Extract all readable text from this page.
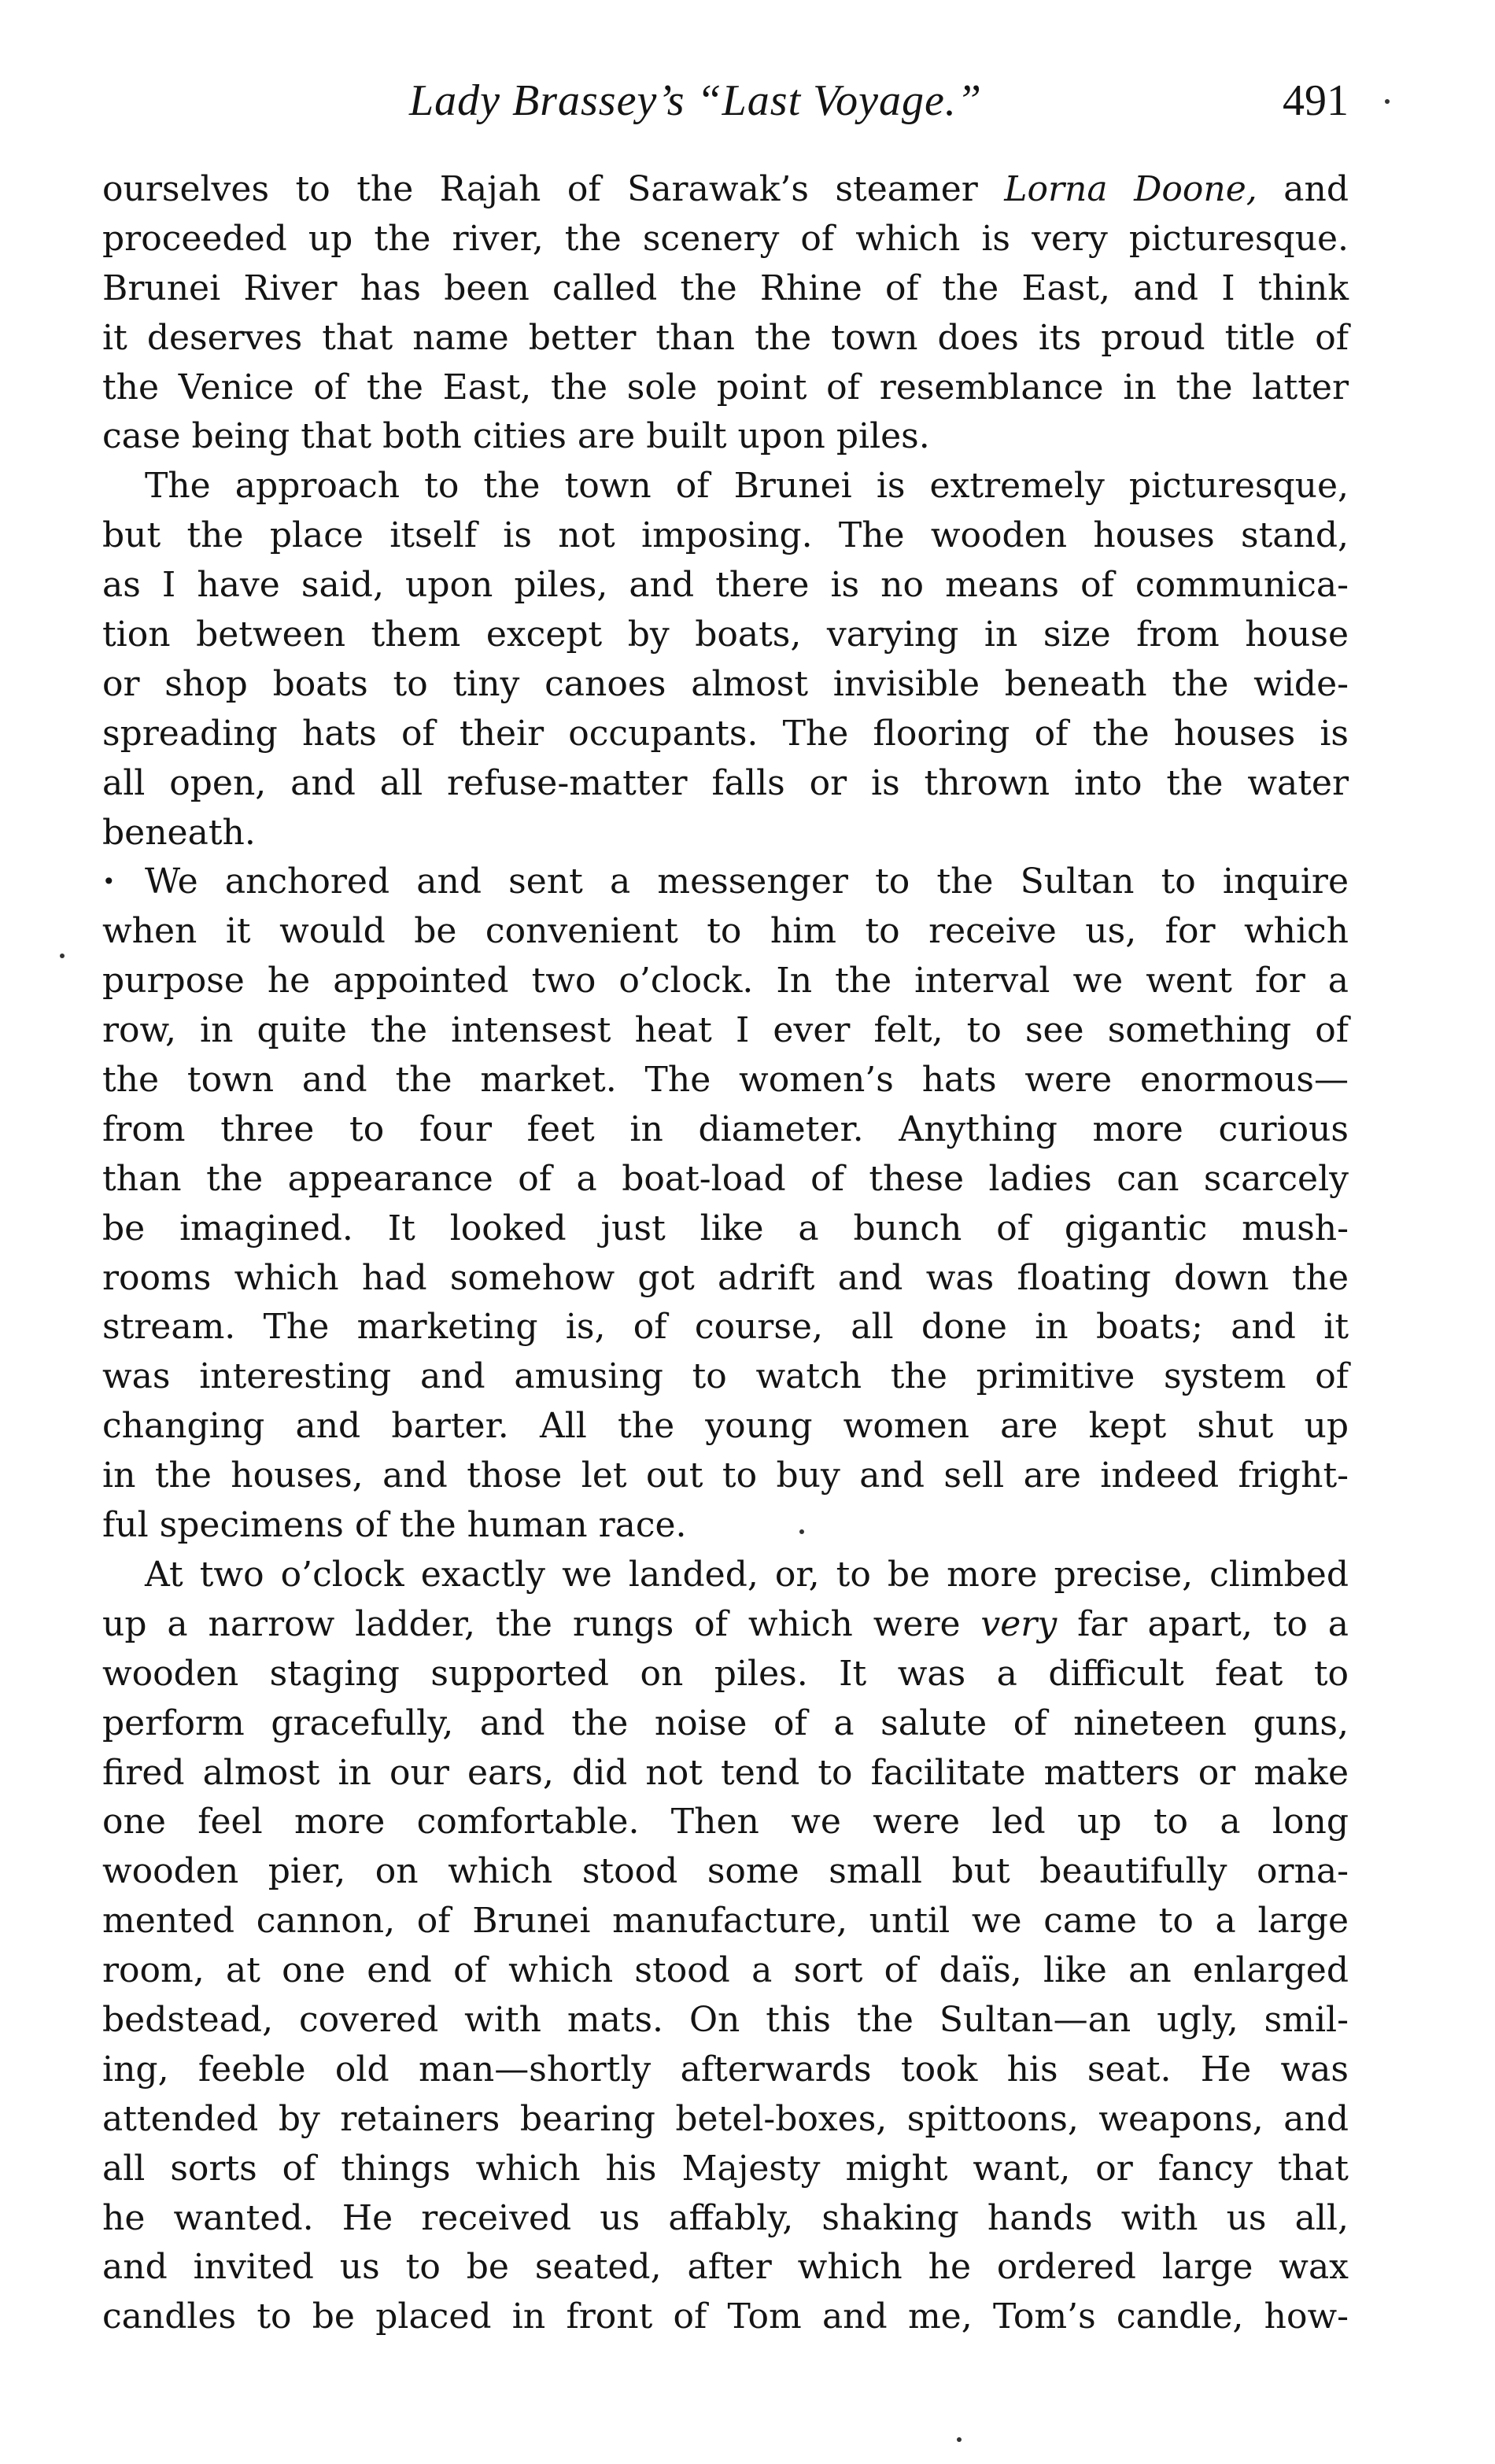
Lady Brassey’s “Last Voyage.”	491
ourselves to the Rajah of Sarawak’s steamer Lorna Doone, and
proceeded up the river, the scenery of which is very picturesque.
Brunei River has been called the Rhine of the East, and I think
it deserves that name better than the town does its proud title of
the Venice of the East, the sole point of resemblance in the latter
case being that both cities are built upon piles.
The approach to the town of Brunei is extremely picturesque,
but the place itself is not imposing. The wooden houses stand,
as I have said, upon piles, and there is no means of communica-
tion between them except by boats, varying in size from house
or shop boats to tiny canoes almost invisible beneath the wide-
spreading hats of their occupants. The flooring of the houses is
all open, and all refuse-matter falls or is thrown into the water
beneath.
• We anchored and sent a messenger to the Sultan to inquire
when it would be convenient to him to receive us, for which
purpose he appointed two o’clock. In the interval we went for a
row, in quite the intensest heat I ever felt, to see something of
the town and the market. The women’s hats were enormous—
from three to four feet in diameter. Anything more curious
than the appearance of a boat-load of these ladies can scarcely
be imagined. It looked just like a bunch of gigantic mush-
rooms which had somehow got adrift and was floating down the
stream. The marketing is, of course, all done in boats; and it
was interesting and amusing to watch the primitive system of
changing and barter. All the young women are kept shut up
in the houses, and those let out to buy and sell are indeed fright-
ful specimens of the human race.
At two o’clock exactly we landed, or, to be more precise, climbed
up a narrow ladder, the rungs of which were very far apart, to a
wooden staging supported on piles. It was a difficult feat to
perform gracefully, and the noise of a salute of nineteen guns,
fired almost in our ears, did not tend to facilitate matters or make
one feel more comfortable. Then we were led up to a long
wooden pier, on which stood some small but beautifully orna-
mented cannon, of Brunei manufacture, until we came to a large
room, at one end of which stood a sort of daïs, like an enlarged
bedstead, covered with mats. On this the Sultan—an ugly, smil-
ing, feeble old man—shortly afterwards took his seat. He was
attended by retainers bearing betel-boxes, spittoons, weapons, and
all sorts of things which his Majesty might want, or fancy that
he wanted. He received us affably, shaking hands with us all,
and invited us to be seated, after which he ordered large wax
candles to be placed in front of Tom and me, Tom’s candle, how-
